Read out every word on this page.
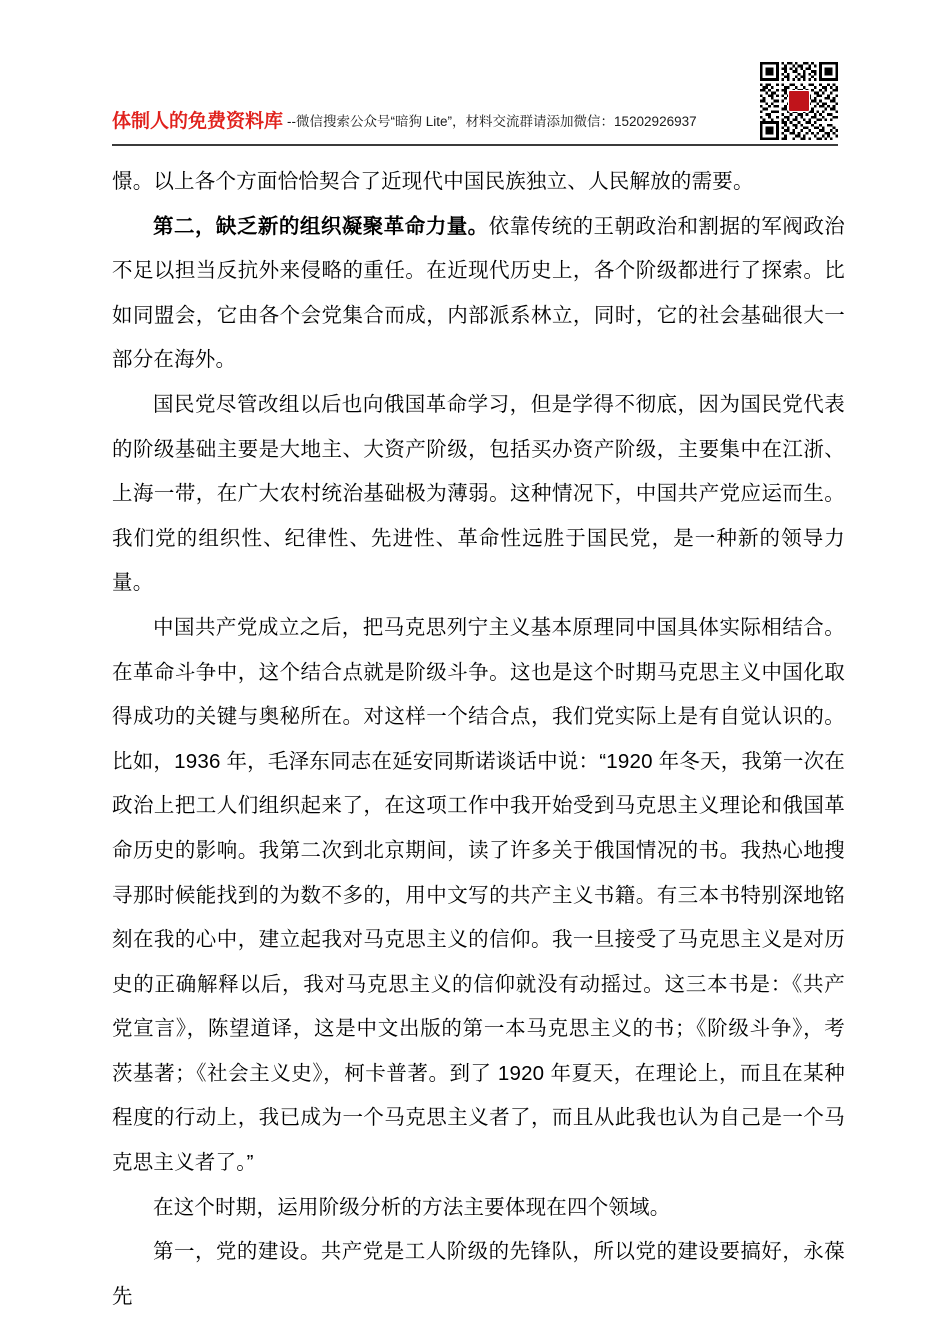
体制人的免费资料库 --微信搜索公众号“暗狗 Lite”，材料交流群请添加微信：15202926937

憬。以上各个方面恰恰契合了近现代中国民族独立、人民解放的需要。

第二，缺乏新的组织凝聚革命力量。依靠传统的王朝政治和割据的军阀政治不足以担当反抗外来侵略的重任。在近现代历史上，各个阶级都进行了探索。比如同盟会，它由各个会党集合而成，内部派系林立，同时，它的社会基础很大一部分在海外。

国民党尽管改组以后也向俄国革命学习，但是学得不彻底，因为国民党代表的阶级基础主要是大地主、大资产阶级，包括买办资产阶级，主要集中在江浙、上海一带，在广大农村统治基础极为薄弱。这种情况下，中国共产党应运而生。我们党的组织性、纪律性、先进性、革命性远胜于国民党，是一种新的领导力量。

中国共产党成立之后，把马克思列宁主义基本原理同中国具体实际相结合。在革命斗争中，这个结合点就是阶级斗争。这也是这个时期马克思主义中国化取得成功的关键与奥秘所在。对这样一个结合点，我们党实际上是有自觉认识的。比如，1936 年，毛泽东同志在延安同斯诺谈话中说：“1920 年冬天，我第一次在政治上把工人们组织起来了，在这项工作中我开始受到马克思主义理论和俄国革命历史的影响。我第二次到北京期间，读了许多关于俄国情况的书。我热心地搜寻那时候能找到的为数不多的，用中文写的共产主义书籍。有三本书特别深地铭刻在我的心中，建立起我对马克思主义的信仰。我一旦接受了马克思主义是对历史的正确解释以后，我对马克思主义的信仰就没有动摇过。这三本书是：《共产党宣言》，陈望道译，这是中文出版的第一本马克思主义的书；《阶级斗争》，考茨基著；《社会主义史》，柯卡普著。到了 1920 年夏天，在理论上，而且在某种程度的行动上，我已成为一个马克思主义者了，而且从此我也认为自己是一个马克思主义者了。”

在这个时期，运用阶级分析的方法主要体现在四个领域。

第一，党的建设。共产党是工人阶级的先锋队，所以党的建设要搞好，永葆先
